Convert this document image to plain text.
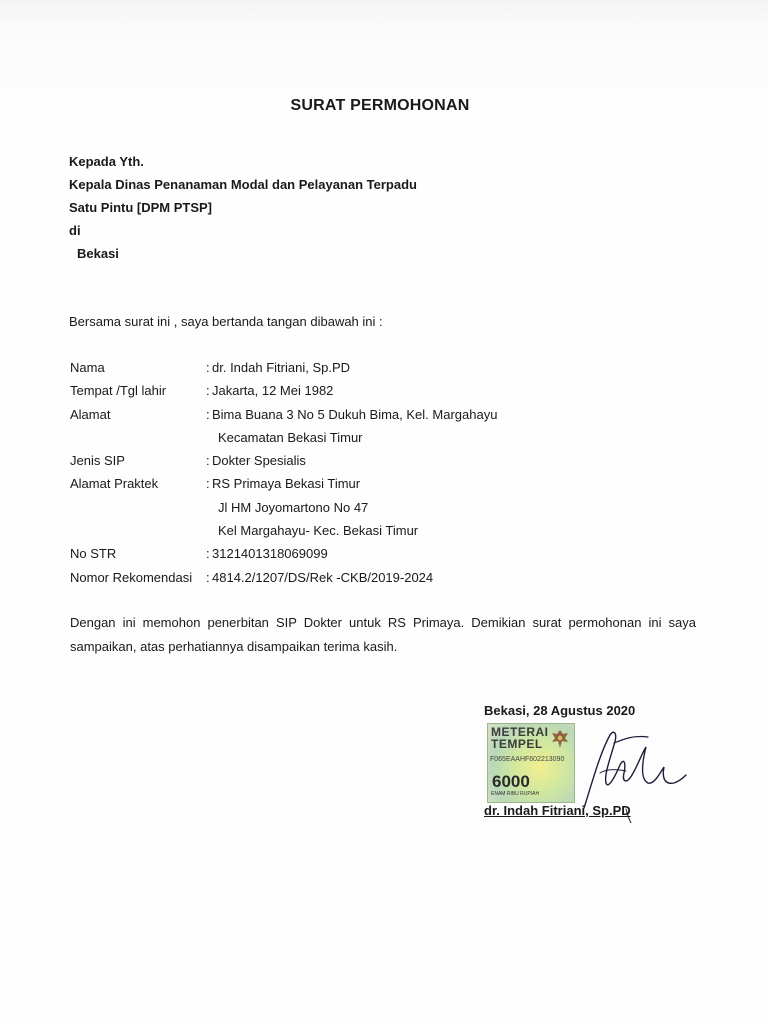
SURAT PERMOHONAN
Kepada Yth.
Kepala Dinas Penanaman Modal dan Pelayanan Terpadu
Satu Pintu [DPM PTSP]
di
Bekasi
Bersama surat ini , saya bertanda tangan dibawah ini :
Nama	: dr. Indah Fitriani, Sp.PD
Tempat /Tgl lahir	: Jakarta, 12 Mei 1982
Alamat	: Bima Buana 3 No 5 Dukuh Bima, Kel. Margahayu
Kecamatan Bekasi Timur
Jenis SIP	: Dokter Spesialis
Alamat Praktek	: RS Primaya Bekasi Timur
Jl HM Joyomartono No 47
Kel Margahayu- Kec. Bekasi Timur
No STR	: 3121401318069099
Nomor Rekomendasi	: 4814.2/1207/DS/Rek -CKB/2019-2024
Dengan ini memohon penerbitan SIP Dokter untuk RS Primaya. Demikian surat permohonan ini saya sampaikan, atas perhatiannya disampaikan terima kasih.
Bekasi, 28 Agustus 2020
METERAI
TEMPEL
F065EAAHF602213090
6000
ENAM RIBU RUPIAH
dr. Indah Fitriani, Sp.PD
